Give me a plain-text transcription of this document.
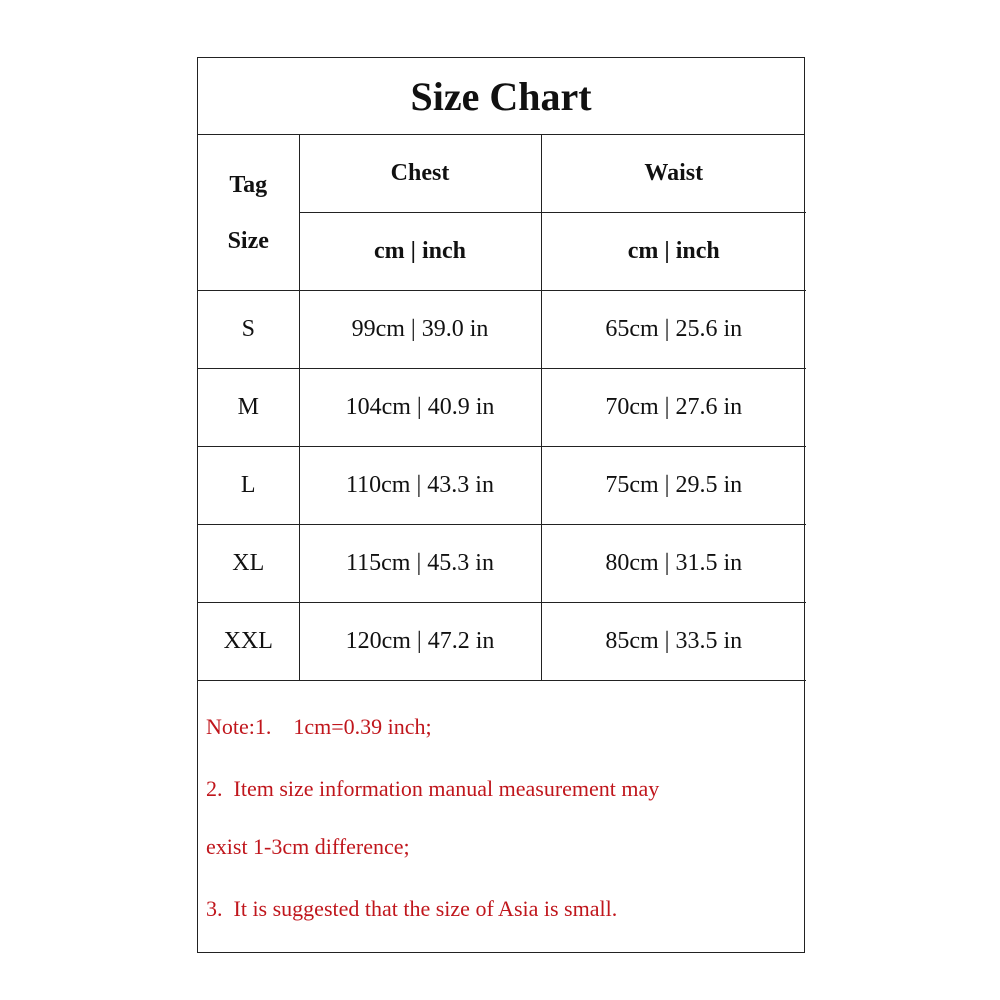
Size Chart
Tag
Size	Chest	Waist
	cm | inch	cm | inch
S	99cm | 39.0 in	65cm | 25.6 in
M	104cm | 40.9 in	70cm | 27.6 in
L	110cm | 43.3 in	75cm | 29.5 in
XL	115cm | 45.3 in	80cm | 31.5 in
XXL	120cm | 47.2 in	85cm | 33.5 in

Note:1.    1cm=0.39 inch;

2.  Item size information manual measurement may

exist 1-3cm difference;

3.  It is suggested that the size of Asia is small.
